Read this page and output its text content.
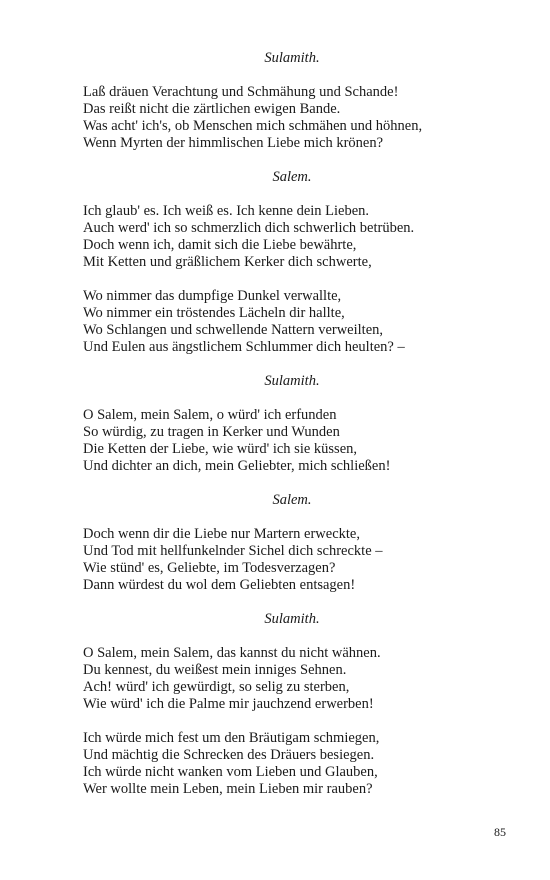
Sulamith.
Laß dräuen Verachtung und Schmähung und Schande!
Das reißt nicht die zärtlichen ewigen Bande.
Was acht' ich's, ob Menschen mich schmähen und höhnen,
Wenn Myrten der himmlischen Liebe mich krönen?
Salem.
Ich glaub' es. Ich weiß es. Ich kenne dein Lieben.
Auch werd' ich so schmerzlich dich schwerlich betrüben.
Doch wenn ich, damit sich die Liebe bewährte,
Mit Ketten und gräßlichem Kerker dich schwerte,
Wo nimmer das dumpfige Dunkel verwallte,
Wo nimmer ein tröstendes Lächeln dir hallte,
Wo Schlangen und schwellende Nattern verweilten,
Und Eulen aus ängstlichem Schlummer dich heulten? –
Sulamith.
O Salem, mein Salem, o würd' ich erfunden
So würdig, zu tragen in Kerker und Wunden
Die Ketten der Liebe, wie würd' ich sie küssen,
Und dichter an dich, mein Geliebter, mich schließen!
Salem.
Doch wenn dir die Liebe nur Martern erweckte,
Und Tod mit hellfunkelnder Sichel dich schreckte –
Wie stünd' es, Geliebte, im Todesverzagen?
Dann würdest du wol dem Geliebten entsagen!
Sulamith.
O Salem, mein Salem, das kannst du nicht wähnen.
Du kennest, du weißest mein inniges Sehnen.
Ach! würd' ich gewürdigt, so selig zu sterben,
Wie würd' ich die Palme mir jauchzend erwerben!
Ich würde mich fest um den Bräutigam schmiegen,
Und mächtig die Schrecken des Dräuers besiegen.
Ich würde nicht wanken vom Lieben und Glauben,
Wer wollte mein Leben, mein Lieben mir rauben?
85
